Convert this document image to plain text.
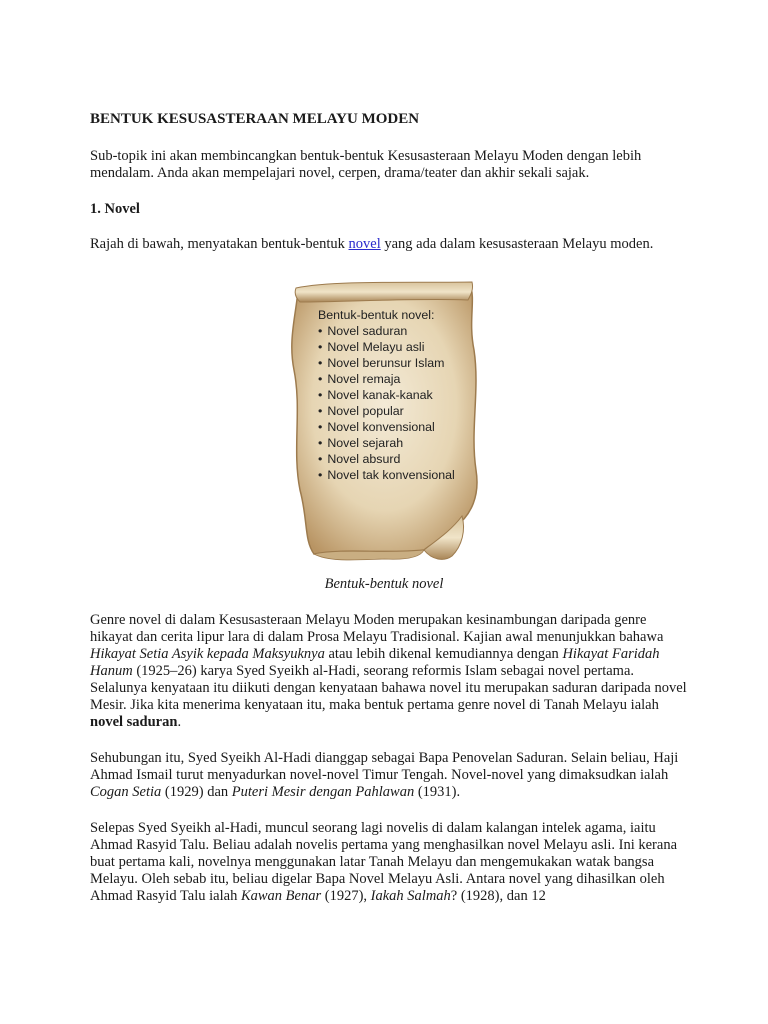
BENTUK KESUSASTERAAN MELAYU MODEN

Sub-topik ini akan membincangkan bentuk-bentuk Kesusasteraan Melayu Moden dengan lebih mendalam. Anda akan mempelajari novel, cerpen, drama/teater dan akhir sekali sajak.

1. Novel

Rajah di bawah, menyatakan bentuk-bentuk novel yang ada dalam kesusasteraan Melayu moden.

Bentuk-bentuk novel:
• Novel saduran
• Novel Melayu asli
• Novel berunsur Islam
• Novel remaja
• Novel kanak-kanak
• Novel popular
• Novel konvensional
• Novel sejarah
• Novel absurd
• Novel tak konvensional
Bentuk-bentuk novel

Genre novel di dalam Kesusasteraan Melayu Moden merupakan kesinambungan daripada genre hikayat dan cerita lipur lara di dalam Prosa Melayu Tradisional. Kajian awal menunjukkan bahawa Hikayat Setia Asyik kepada Maksyuknya atau lebih dikenal kemudiannya dengan Hikayat Faridah Hanum (1925–26) karya Syed Syeikh al-Hadi, seorang reformis Islam sebagai novel pertama. Selalunya kenyataan itu diikuti dengan kenyataan bahawa novel itu merupakan saduran daripada novel Mesir. Jika kita menerima kenyataan itu, maka bentuk pertama genre novel di Tanah Melayu ialah novel saduran.

Sehubungan itu, Syed Syeikh Al-Hadi dianggap sebagai Bapa Penovelan Saduran. Selain beliau, Haji Ahmad Ismail turut menyadurkan novel-novel Timur Tengah. Novel-novel yang dimaksudkan ialah Cogan Setia (1929) dan Puteri Mesir dengan Pahlawan (1931).

Selepas Syed Syeikh al-Hadi, muncul seorang lagi novelis di dalam kalangan intelek agama, iaitu Ahmad Rasyid Talu. Beliau adalah novelis pertama yang menghasilkan novel Melayu asli. Ini kerana buat pertama kali, novelnya menggunakan latar Tanah Melayu dan mengemukakan watak bangsa Melayu. Oleh sebab itu, beliau digelar Bapa Novel Melayu Asli. Antara novel yang dihasilkan oleh Ahmad Rasyid Talu ialah Kawan Benar (1927), Iakah Salmah? (1928), dan 12
